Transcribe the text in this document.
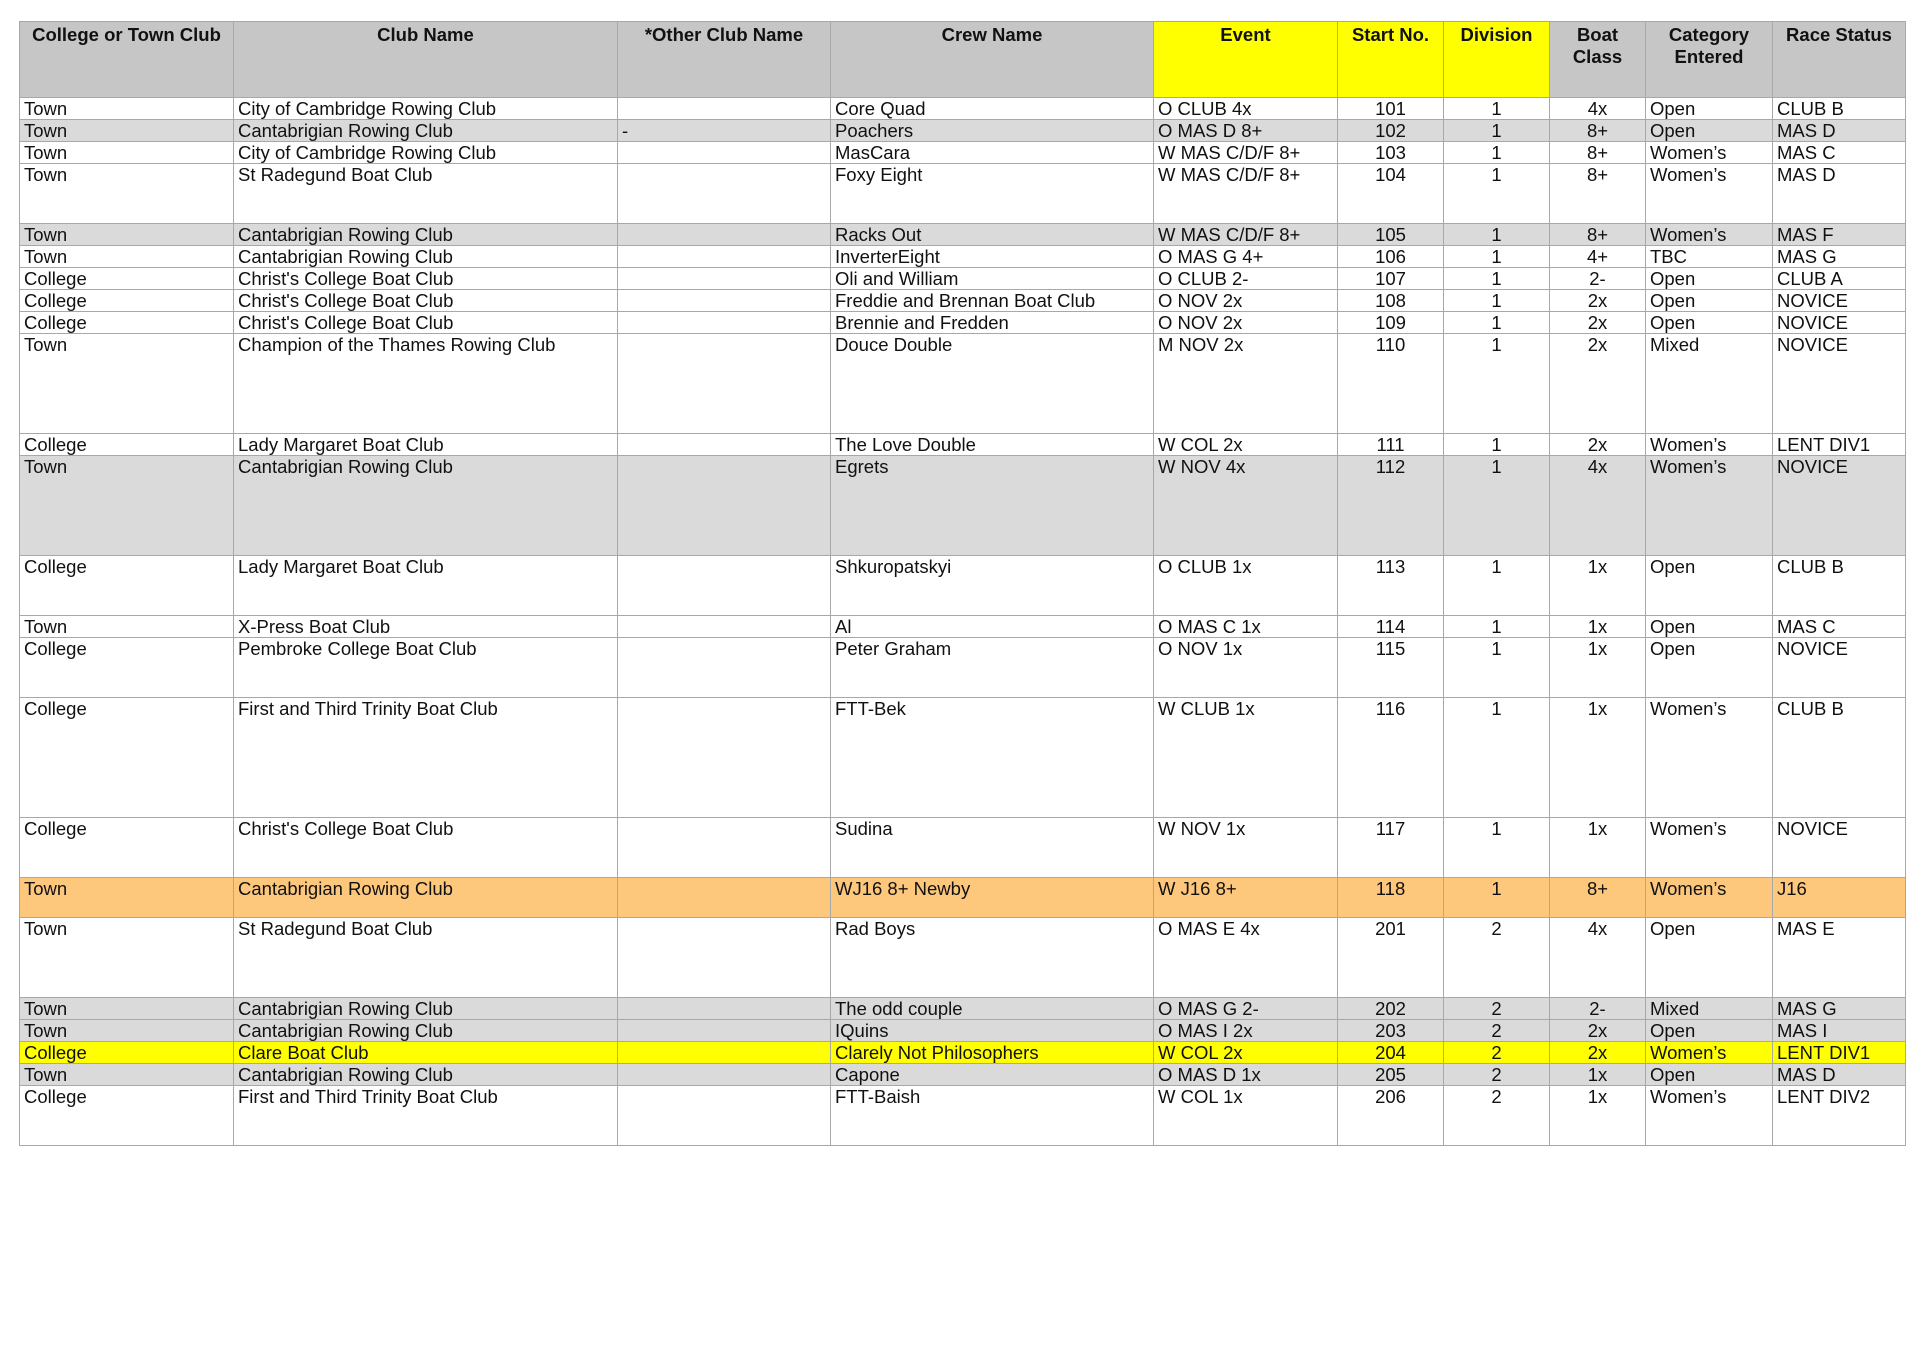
College or Town Club	Club Name	*Other Club Name	Crew Name	Event	Start No.	Division	Boat Class	Category Entered	Race Status
Town	City of Cambridge Rowing Club		Core Quad	O CLUB 4x	101	1	4x	Open	CLUB B
Town	Cantabrigian Rowing Club	-	Poachers	O MAS D 8+	102	1	8+	Open	MAS D
Town	City of Cambridge Rowing Club		MasCara	W MAS C/D/F 8+	103	1	8+	Women’s	MAS C
Town	St Radegund Boat Club		Foxy Eight	W MAS C/D/F 8+	104	1	8+	Women’s	MAS D
Town	Cantabrigian Rowing Club		Racks Out	W MAS C/D/F 8+	105	1	8+	Women’s	MAS F
Town	Cantabrigian Rowing Club		InverterEight	O MAS G 4+	106	1	4+	TBC	MAS G
College	Christ's College Boat Club		Oli and William	O CLUB 2-	107	1	2-	Open	CLUB A
College	Christ's College Boat Club		Freddie and Brennan Boat Club	O NOV 2x	108	1	2x	Open	NOVICE
College	Christ's College Boat Club		Brennie and Fredden	O NOV 2x	109	1	2x	Open	NOVICE
Town	Champion of the Thames Rowing Club		Douce Double	M NOV 2x	110	1	2x	Mixed	NOVICE
College	Lady Margaret Boat Club		The Love Double	W COL 2x	111	1	2x	Women’s	LENT DIV1
Town	Cantabrigian Rowing Club		Egrets	W NOV 4x	112	1	4x	Women’s	NOVICE
College	Lady Margaret Boat Club		Shkuropatskyi	O CLUB 1x	113	1	1x	Open	CLUB B
Town	X-Press Boat Club		Al	O MAS C 1x	114	1	1x	Open	MAS C
College	Pembroke College Boat Club		Peter Graham	O NOV 1x	115	1	1x	Open	NOVICE
College	First and Third Trinity Boat Club		FTT-Bek	W CLUB 1x	116	1	1x	Women’s	CLUB B
College	Christ's College Boat Club		Sudina	W NOV 1x	117	1	1x	Women’s	NOVICE
Town	Cantabrigian Rowing Club		WJ16 8+ Newby	W J16 8+	118	1	8+	Women’s	J16
Town	St Radegund Boat Club		Rad Boys	O MAS E 4x	201	2	4x	Open	MAS E
Town	Cantabrigian Rowing Club		The odd couple	O MAS G 2-	202	2	2-	Mixed	MAS G
Town	Cantabrigian Rowing Club		IQuins	O MAS I 2x	203	2	2x	Open	MAS I
College	Clare Boat Club		Clarely Not Philosophers	W COL 2x	204	2	2x	Women’s	LENT DIV1
Town	Cantabrigian Rowing Club		Capone	O MAS D 1x	205	2	1x	Open	MAS D
College	First and Third Trinity Boat Club		FTT-Baish	W COL 1x	206	2	1x	Women’s	LENT DIV2
